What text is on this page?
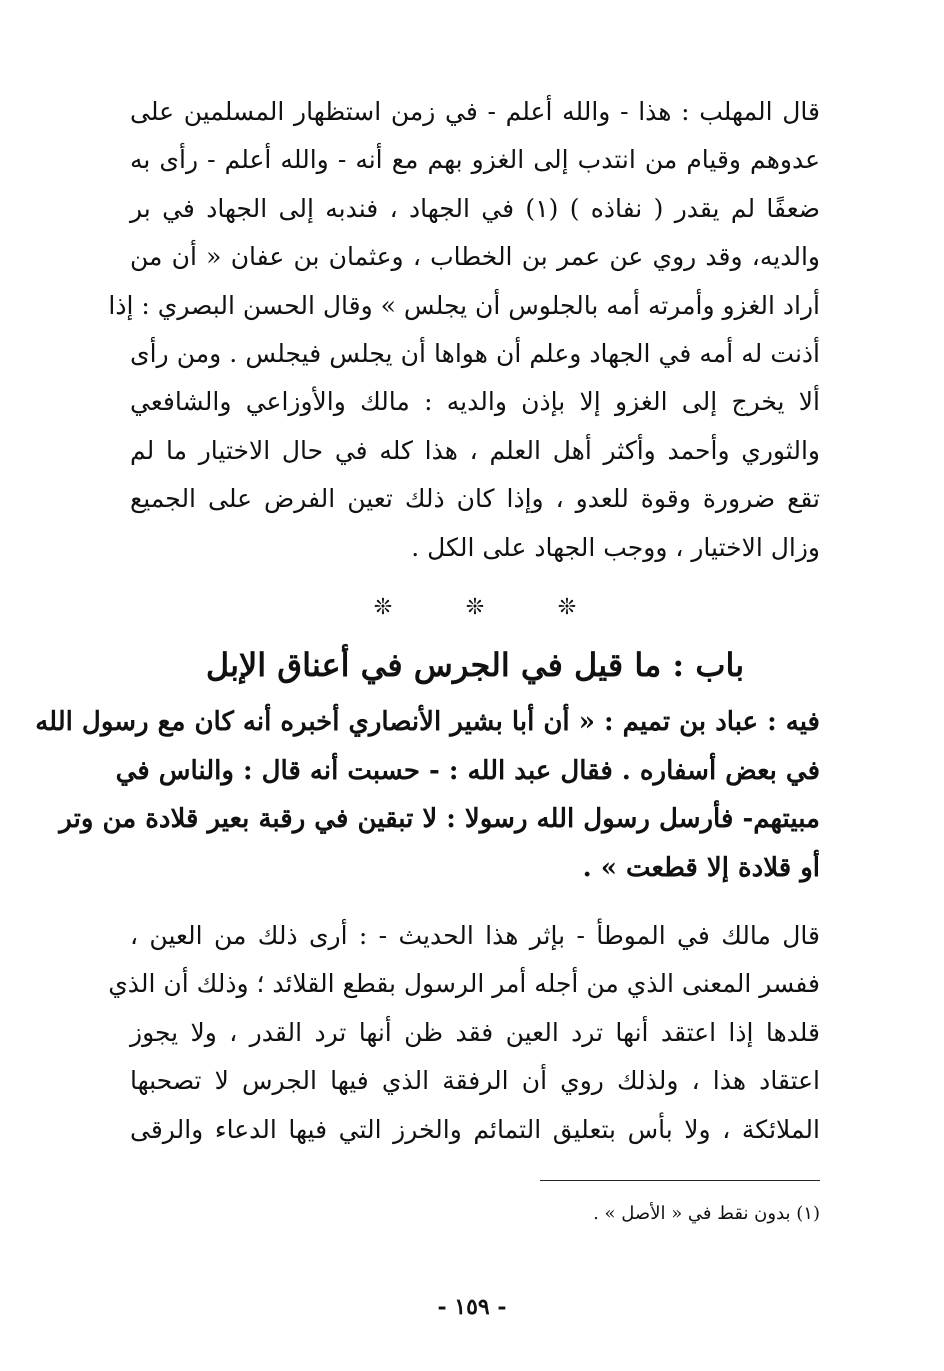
قال المهلب : هذا - والله أعلم - في زمن استظهار المسلمين على
عدوهم وقيام من انتدب إلى الغزو بهم مع أنه - والله أعلم - رأى به
ضعفًا لم يقدر ( نفاذه ) (١) في الجهاد ، فندبه إلى الجهاد في بر
والديه، وقد روي عن عمر بن الخطاب ، وعثمان بن عفان « أن من
أراد الغزو وأمرته أمه بالجلوس أن يجلس » وقال الحسن البصري : إذا
أذنت له أمه في الجهاد وعلم أن هواها أن يجلس فيجلس . ومن رأى
ألا يخرج إلى الغزو إلا بإذن والديه : مالك والأوزاعي والشافعي
والثوري وأحمد وأكثر أهل العلم ، هذا كله في حال الاختيار ما لم
تقع ضرورة وقوة للعدو ، وإذا كان ذلك تعين الفرض على الجميع
وزال الاختيار ، ووجب الجهاد على الكل .
❊	❊	❊
باب : ما قيل في الجرس في أعناق الإبل
فيه : عباد بن تميم : « أن أبا بشير الأنصاري أخبره أنه كان مع رسول الله
في بعض أسفاره . فقال عبد الله : - حسبت أنه قال : والناس في
مبيتهم- فأرسل رسول الله رسولا : لا تبقين في رقبة بعير قلادة من وتر
أو قلادة إلا قطعت » .
قال مالك في الموطأ - بإثر هذا الحديث - : أرى ذلك من العين ،
ففسر المعنى الذي من أجله أمر الرسول بقطع القلائد ؛ وذلك أن الذي
قلدها إذا اعتقد أنها ترد العين فقد ظن أنها ترد القدر ، ولا يجوز
اعتقاد هذا ، ولذلك روي أن الرفقة الذي فيها الجرس لا تصحبها
الملائكة ، ولا بأس بتعليق التمائم والخرز التي فيها الدعاء والرقى
(١) بدون نقط في « الأصل » .
- ١٥٩ -
